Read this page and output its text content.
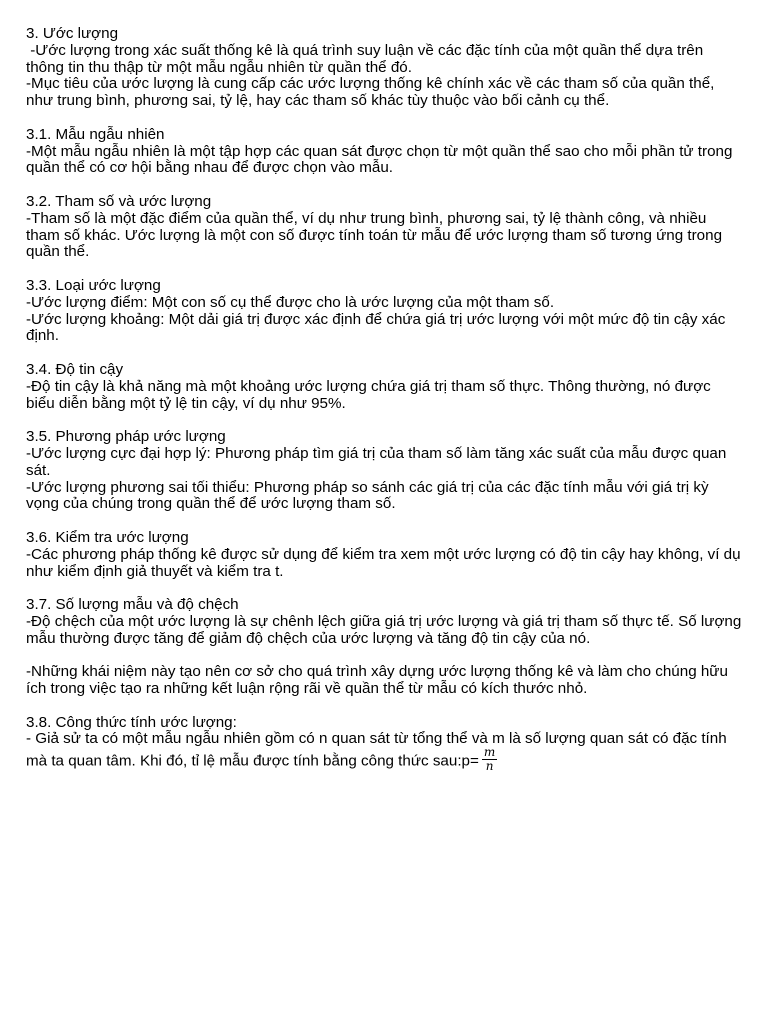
3. Ước lượng
-Ước lượng trong xác suất thống kê là quá trình suy luận về các đặc tính của một quần thể dựa trên thông tin thu thập từ một mẫu ngẫu nhiên từ quần thể đó.
-Mục tiêu của ước lượng là cung cấp các ước lượng thống kê chính xác về các tham số của quần thể, như trung bình, phương sai, tỷ lệ, hay các tham số khác tùy thuộc vào bối cảnh cụ thể.
3.1. Mẫu ngẫu nhiên
-Một mẫu ngẫu nhiên là một tập hợp các quan sát được chọn từ một quần thể sao cho mỗi phần tử trong quần thể có cơ hội bằng nhau để được chọn vào mẫu.
3.2. Tham số và ước lượng
-Tham số là một đặc điểm của quần thể, ví dụ như trung bình, phương sai, tỷ lệ thành công, và nhiều tham số khác. Ước lượng là một con số được tính toán từ mẫu để ước lượng tham số tương ứng trong quần thể.
3.3. Loại ước lượng
-Ước lượng điểm: Một con số cụ thể được cho là ước lượng của một tham số.
-Ước lượng khoảng: Một dải giá trị được xác định để chứa giá trị ước lượng với một mức độ tin cậy xác định.
3.4. Độ tin cậy
-Độ tin cậy là khả năng mà một khoảng ước lượng chứa giá trị tham số thực. Thông thường, nó được biểu diễn bằng một tỷ lệ tin cậy, ví dụ như 95%.
3.5. Phương pháp ước lượng
-Ước lượng cực đại hợp lý: Phương pháp tìm giá trị của tham số làm tăng xác suất của mẫu được quan sát.
-Ước lượng phương sai tối thiểu: Phương pháp so sánh các giá trị của các đặc tính mẫu với giá trị kỳ vọng của chúng trong quần thể để ước lượng tham số.
3.6. Kiểm tra ước lượng
-Các phương pháp thống kê được sử dụng để kiểm tra xem một ước lượng có độ tin cậy hay không, ví dụ như kiểm định giả thuyết và kiểm tra t.
3.7. Số lượng mẫu và độ chệch
-Độ chệch của một ước lượng là sự chênh lệch giữa giá trị ước lượng và giá trị tham số thực tế. Số lượng mẫu thường được tăng để giảm độ chệch của ước lượng và tăng độ tin cậy của nó.
-Những khái niệm này tạo nên cơ sở cho quá trình xây dựng ước lượng thống kê và làm cho chúng hữu ích trong việc tạo ra những kết luận rộng rãi về quần thể từ mẫu có kích thước nhỏ.
3.8. Công thức tính ước lượng:
- Giả sử ta có một mẫu ngẫu nhiên gồm có n quan sát từ tổng thể và m là số lượng quan sát có đặc tính mà ta quan tâm. Khi đó, tỉ lệ mẫu được tính bằng công thức sau:p= $\frac{m}{n}$
